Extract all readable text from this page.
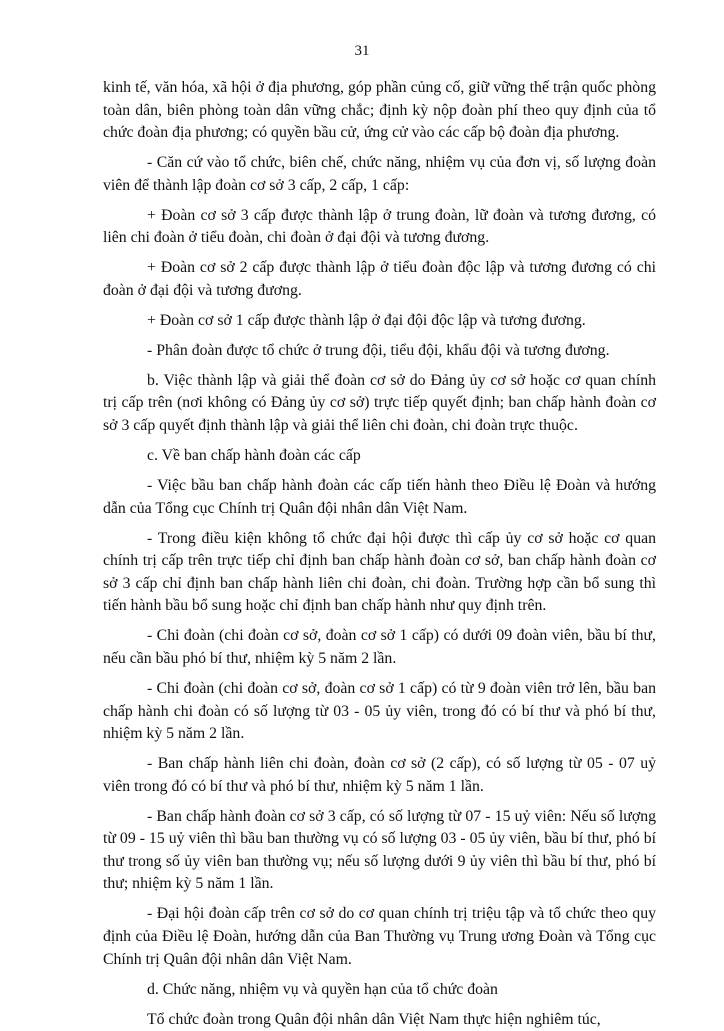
31

kinh tế, văn hóa, xã hội ở địa phương, góp phần củng cố, giữ vững thế trận quốc phòng toàn dân, biên phòng toàn dân vững chắc; định kỳ nộp đoàn phí theo quy định của tổ chức đoàn địa phương; có quyền bầu cử, ứng cử vào các cấp bộ đoàn địa phương.

- Căn cứ vào tổ chức, biên chế, chức năng, nhiệm vụ của đơn vị, số lượng đoàn viên để thành lập đoàn cơ sở 3 cấp, 2 cấp, 1 cấp:

+ Đoàn cơ sở 3 cấp được thành lập ở trung đoàn, lữ đoàn và tương đương, có liên chi đoàn ở tiểu đoàn, chi đoàn ở đại đội và tương đương.

+ Đoàn cơ sở 2 cấp được thành lập ở tiểu đoàn độc lập và tương đương có chi đoàn ở đại đội và tương đương.

+ Đoàn cơ sở 1 cấp được thành lập ở đại đội độc lập và tương đương.

- Phân đoàn được tổ chức ở trung đội, tiểu đội, khẩu đội và tương đương.

b. Việc thành lập và giải thể đoàn cơ sở do Đảng ủy cơ sở hoặc cơ quan chính trị cấp trên (nơi không có Đảng ủy cơ sở) trực tiếp quyết định; ban chấp hành đoàn cơ sở 3 cấp quyết định thành lập và giải thể liên chi đoàn, chi đoàn trực thuộc.

c. Về ban chấp hành đoàn các cấp

- Việc bầu ban chấp hành đoàn các cấp tiến hành theo Điều lệ Đoàn và hướng dẫn của Tổng cục Chính trị Quân đội nhân dân Việt Nam.

- Trong điều kiện không tổ chức đại hội được thì cấp ủy cơ sở hoặc cơ quan chính trị cấp trên trực tiếp chỉ định ban chấp hành đoàn cơ sở, ban chấp hành đoàn cơ sở 3 cấp chỉ định ban chấp hành liên chi đoàn, chi đoàn. Trường hợp cần bổ sung thì tiến hành bầu bổ sung hoặc chỉ định ban chấp hành như quy định trên.

- Chi đoàn (chi đoàn cơ sở, đoàn cơ sở 1 cấp) có dưới 09 đoàn viên, bầu bí thư, nếu cần bầu phó bí thư, nhiệm kỳ 5 năm 2 lần.

- Chi đoàn (chi đoàn cơ sở, đoàn cơ sở 1 cấp) có từ 9 đoàn viên trở lên, bầu ban chấp hành chi đoàn có số lượng từ 03 - 05 ủy viên, trong đó có bí thư và phó bí thư, nhiệm kỳ 5 năm 2 lần.

- Ban chấp hành liên chi đoàn, đoàn cơ sở (2 cấp), có số lượng từ 05 - 07 uỷ viên trong đó có bí thư và phó bí thư, nhiệm kỳ 5 năm 1 lần.

- Ban chấp hành đoàn cơ sở 3 cấp, có số lượng từ 07 - 15 uỷ viên: Nếu số lượng từ 09 - 15 uỷ viên thì bầu ban thường vụ có số lượng 03 - 05 ủy viên, bầu bí thư, phó bí thư trong số ủy viên ban thường vụ; nếu số lượng dưới 9 ủy viên thì bầu bí thư, phó bí thư; nhiệm kỳ 5 năm 1 lần.

- Đại hội đoàn cấp trên cơ sở do cơ quan chính trị triệu tập và tổ chức theo quy định của Điều lệ Đoàn, hướng dẫn của Ban Thường vụ Trung ương Đoàn và Tổng cục Chính trị Quân đội nhân dân Việt Nam.

d. Chức năng, nhiệm vụ và quyền hạn của tổ chức đoàn

Tổ chức đoàn trong Quân đội nhân dân Việt Nam thực hiện nghiêm túc,
